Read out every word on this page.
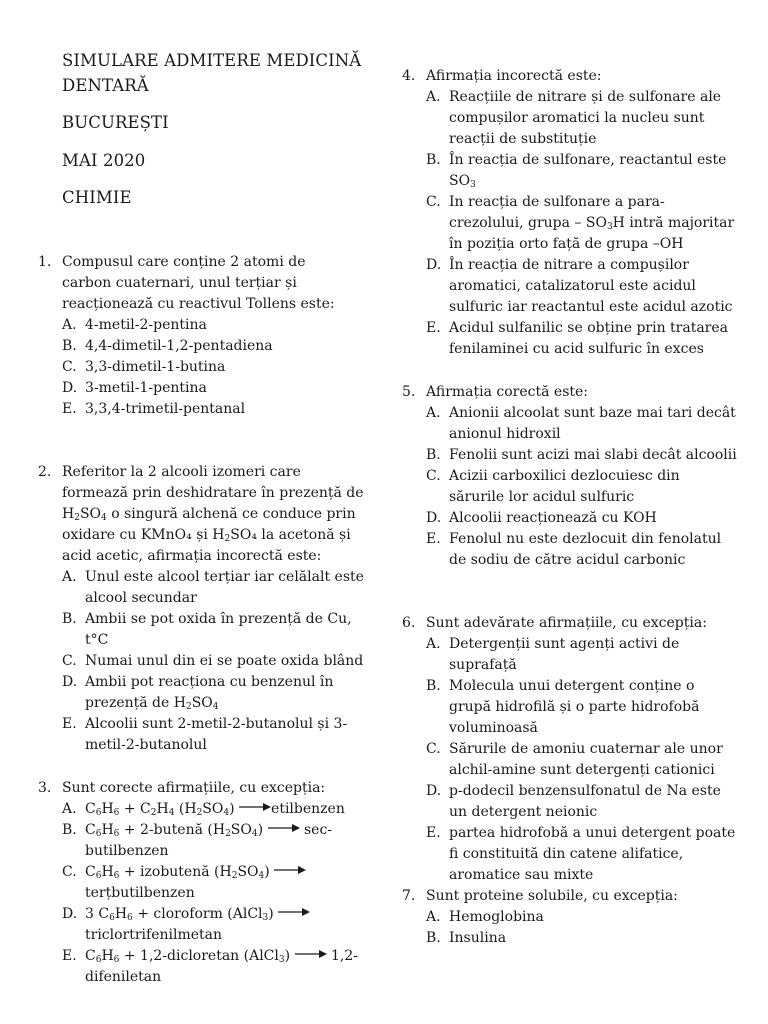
SIMULARE ADMITERE MEDICINĂ
DENTARĂ
BUCUREȘTI
MAI 2020
CHIMIE
1. Compusul care conține 2 atomi de carbon cuaternari, unul terțiar și reacționează cu reactivul Tollens este:
A. 4-metil-2-pentina
B. 4,4-dimetil-1,2-pentadiena
C. 3,3-dimetil-1-butina
D. 3-metil-1-pentina
E. 3,3,4-trimetil-pentanal
2. Referitor la 2 alcooli izomeri care formează prin deshidratare în prezență de $H_2SO_4$ o singură alchenă ce conduce prin oxidare cu KMnO₄ și $H_2SO_4$ la acetonă și acid acetic, afirmația incorectă este:
A. Unul este alcool terțiar iar celălalt este alcool secundar
B. Ambii se pot oxida în prezență de Cu, t°C
C. Numai unul din ei se poate oxida blând
D. Ambii pot reacționa cu benzenul în prezență de $H_2SO_4$
E. Alcoolii sunt 2-metil-2-butanolul și 3-metil-2-butanolul
3. Sunt corecte afirmațiile, cu excepția:
A. $C_6H_6 + C_2H_4$ $(H_2SO_4)$	etilbenzen
B. $C_6H_6$ + 2-butenă $(H_2SO_4)$	sec-butilbenzen
C. $C_6H_6$ + izobutenă $(H_2SO_4)$ terțbutilbenzen
D. 3 $C_6H_6$ + cloroform (AlCl$_3$)
triclortrifenilmetan
E. $C_6H_6$ + 1,2-dicloretan (AlCl$_3$)	1,2-difeniletan
4. Afirmația incorectă este:
A. Reacțiile de nitrare și de sulfonare ale compușilor aromatici la nucleu sunt reacții de substituție
B. În reacția de sulfonare, reactantul este $SO_3$
C. In reacția de sulfonare a para-crezolului, grupa – $SO_3H$ intră majoritar în poziția orto față de grupa –OH
D. În reacția de nitrare a compușilor aromatici, catalizatorul este acidul sulfuric iar reactantul este acidul azotic
E. Acidul sulfanilic se obține prin tratarea fenilaminei cu acid sulfuric în exces
5. Afirmația corectă este:
A. Anionii alcoolat sunt baze mai tari decât anionul hidroxil
B. Fenolii sunt acizi mai slabi decât alcoolii
C. Acizii carboxilici dezlocuiesc din sărurile lor acidul sulfuric
D. Alcoolii reacționează cu KOH
E. Fenolul nu este dezlocuit din fenolatul de sodiu de către acidul carbonic
6. Sunt adevărate afirmațiile, cu excepția:
A. Detergenții sunt agenți activi de suprafață
B. Molecula unui detergent conține o grupă hidrofilă și o parte hidrofobă voluminoasă
C. Sărurile de amoniu cuaternar ale unor alchil-amine sunt detergenți cationici
D. p-dodecil benzensulfonatul de Na este un detergent neionic
E. partea hidrofobă a unui detergent poate fi constituită din catene alifatice, aromatice sau mixte
7. Sunt proteine solubile, cu excepția:
A. Hemoglobina
B. Insulina
